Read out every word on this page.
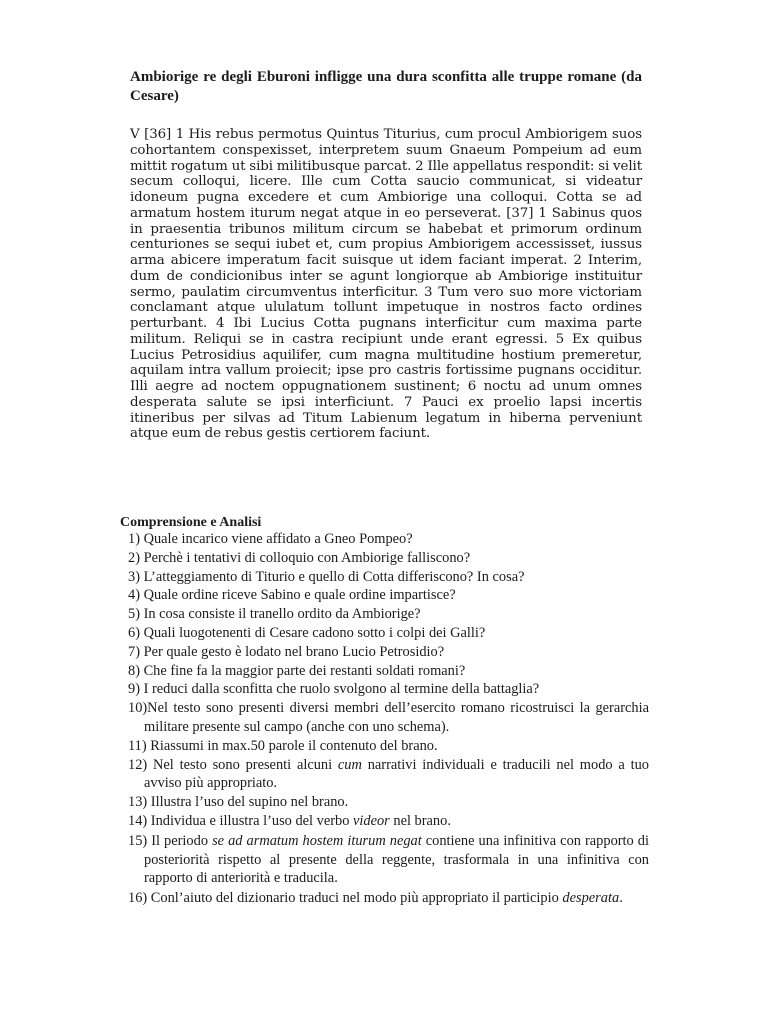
Ambiorige re degli Eburoni infligge una dura sconfitta alle truppe romane (da Cesare)
V [36] 1 His rebus permotus Quintus Titurius, cum procul Ambiorigem suos cohortantem conspexisset, interpretem suum Gnaeum Pompeium ad eum mittit rogatum ut sibi militibusque parcat. 2 Ille appellatus respondit: si velit secum colloqui, licere. Ille cum Cotta saucio communicat, si videatur idoneum pugna excedere et cum Ambiorige una colloqui. Cotta se ad armatum hostem iturum negat atque in eo perseverat. [37] 1 Sabinus quos in praesentia tribunos militum circum se habebat et primorum ordinum centuriones se sequi iubet et, cum propius Ambiorigem accessisset, iussus arma abicere imperatum facit suisque ut idem faciant imperat. 2 Interim, dum de condicionibus inter se agunt longiorque ab Ambiorige instituitur sermo, paulatim circumventus interficitur. 3 Tum vero suo more victoriam conclamant atque ululatum tollunt impetuque in nostros facto ordines perturbant. 4 Ibi Lucius Cotta pugnans interficitur cum maxima parte militum. Reliqui se in castra recipiunt unde erant egressi. 5 Ex quibus Lucius Petrosidius aquilifer, cum magna multitudine hostium premeretur, aquilam intra vallum proiecit; ipse pro castris fortissime pugnans occiditur. Illi aegre ad noctem oppugnationem sustinent; 6 noctu ad unum omnes desperata salute se ipsi interficiunt. 7 Pauci ex proelio lapsi incertis itineribus per silvas ad Titum Labienum legatum in hiberna perveniunt atque eum de rebus gestis certiorem faciunt.
Comprensione e Analisi
1) Quale incarico viene affidato a Gneo Pompeo?
2) Perchè i tentativi di colloquio con Ambiorige falliscono?
3) L’atteggiamento di Titurio e quello di Cotta differiscono? In cosa?
4) Quale ordine riceve Sabino e quale ordine impartisce?
5) In cosa consiste il tranello ordito da Ambiorige?
6) Quali luogotenenti di Cesare cadono sotto i colpi dei Galli?
7) Per quale gesto è lodato nel brano Lucio Petrosidio?
8) Che fine fa la maggior parte dei restanti soldati romani?
9) I reduci dalla sconfitta che ruolo svolgono al termine della battaglia?
10)Nel testo sono presenti diversi membri dell’esercito romano ricostruisci la gerarchia militare presente sul campo (anche con uno schema).
11) Riassumi in max.50 parole il contenuto del brano.
12) Nel testo sono presenti alcuni cum narrativi individuali e traducili nel modo a tuo avviso più appropriato.
13) Illustra l’uso del supino nel brano.
14) Individua e illustra l’uso del verbo videor nel brano.
15) Il periodo se ad armatum hostem iturum negat contiene una infinitiva con rapporto di posteriorità rispetto al presente della reggente, trasformala in una infinitiva con rapporto di anteriorità e traducila.
16) Conl’aiuto del dizionario traduci nel modo più appropriato il participio desperata.
